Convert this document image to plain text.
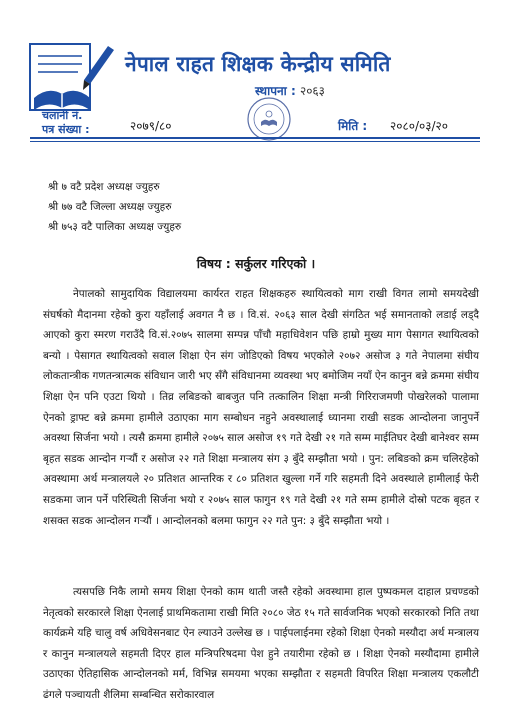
नेपाल राहत शिक्षक केन्द्रीय समिति
स्थापना : २०६३
चलानी नं.
पत्र संख्या :	२०७९/८०	मिति : २०८०/०३/२०
श्री ७ वटै प्रदेश अध्यक्ष ज्युहरु
श्री ७७ वटै जिल्ला अध्यक्ष ज्युहरु
श्री ७५३ वटै पालिका अध्यक्ष ज्युहरु
विषय : सर्कुलर गरिएको ।

नेपालको सामुदायिक विद्यालयमा कार्यरत राहत शिक्षकहरु स्थायित्वको माग राखी विगत लामो समयदेखी संघर्षको मैदानमा रहेको कुरा यहाँलाई अवगत नै छ । वि.सं. २०६३ साल देखी संगठित भई समानताको लडाई लड्दै आएको कुरा स्मरण गराउँदै वि.सं.२०७५ सालमा सम्पन्न पाँचौ महाधिवेशन पछि हाम्रो मुख्य माग पेसागत स्थायित्वको बन्यो । पेसागत स्थायित्वको सवाल शिक्षा ऐन संग जोडिएको विषय भएकोले २०७२ असोज ३ गते नेपालमा संघीय लोकतान्त्रीक गणतन्त्रात्मक संविधान जारी भए सँगै संविधानमा व्यवस्था भए बमोजिम नयाँ ऐन कानुन बन्ने क्रममा संघीय शिक्षा ऐन पनि एउटा थियो । तिव्र लबिङको बाबजुत पनि तत्कालिन शिक्षा मन्त्री गिरिराजमणी पोखरेलको पालामा ऐनको ड्राफ्ट बन्ने क्रममा हामीले उठाएका माग सम्बोधन नहुने अवस्थालाई ध्यानमा राखी सडक आन्दोलना जानुपर्ने अवस्था सिर्जना भयो । त्यसै क्रममा हामीले २०७५ साल असोज १९ गते देखी २१ गते सम्म माईतिघर देखी बानेश्वर सम्म बृहत सडक आन्दोन गर्‍यौं र असोज २२ गते शिक्षा मन्त्रालय संग ३ बुँदे सम्झौता भयो । पुन: लबिङको क्रम चलिरहेको अवस्थामा अर्थ मन्त्रालयले २० प्रतिशत आन्तरिक र ८० प्रतिशत खुल्ला गर्ने गरि सहमती दिने अवस्थाले हामीलाई फेरी सडकमा जान पर्ने परिस्थिती सिर्जना भयो र २०७५ साल फागुन १९ गते देखी २१ गते सम्म हामीले दोस्रो पटक बृहत र शसक्त सडक आन्दोलन गर्‍यौं । आन्दोलनको बलमा फागुन २२ गते पुन: ३ बुँदे सम्झौता भयो ।

त्यसपछि निकै लामो समय शिक्षा ऐनको काम थाती जस्तै रहेको अवस्थामा हाल पुष्पकमल दाहाल प्रचण्डको नेतृत्वको सरकारले शिक्षा ऐनलाई प्राथमिकतामा राखी मिति २०८० जेठ १५ गते सार्वजनिक भएको सरकारको निति तथा कार्यक्रमे यहि चालु वर्ष अधिवेसनबाट ऐन ल्याउने उल्लेख छ । पाईपलाईनमा रहेको शिक्षा ऐनको मस्यौदा अर्थ मन्त्रालय र कानुन मन्त्रालयले सहमती दिएर हाल मन्त्रिपरिषदमा पेश हुने तयारीमा रहेको छ । शिक्षा ऐनको मस्यौदामा हामीले उठाएका ऐतिहासिक आन्दोलनको मर्म, विभिन्न समयमा भएका सम्झौता र सहमती विपरित शिक्षा मन्त्रालय एकलौटी ढंगले पञ्चायती शैलिमा सम्बन्धित सरोकारवाल
